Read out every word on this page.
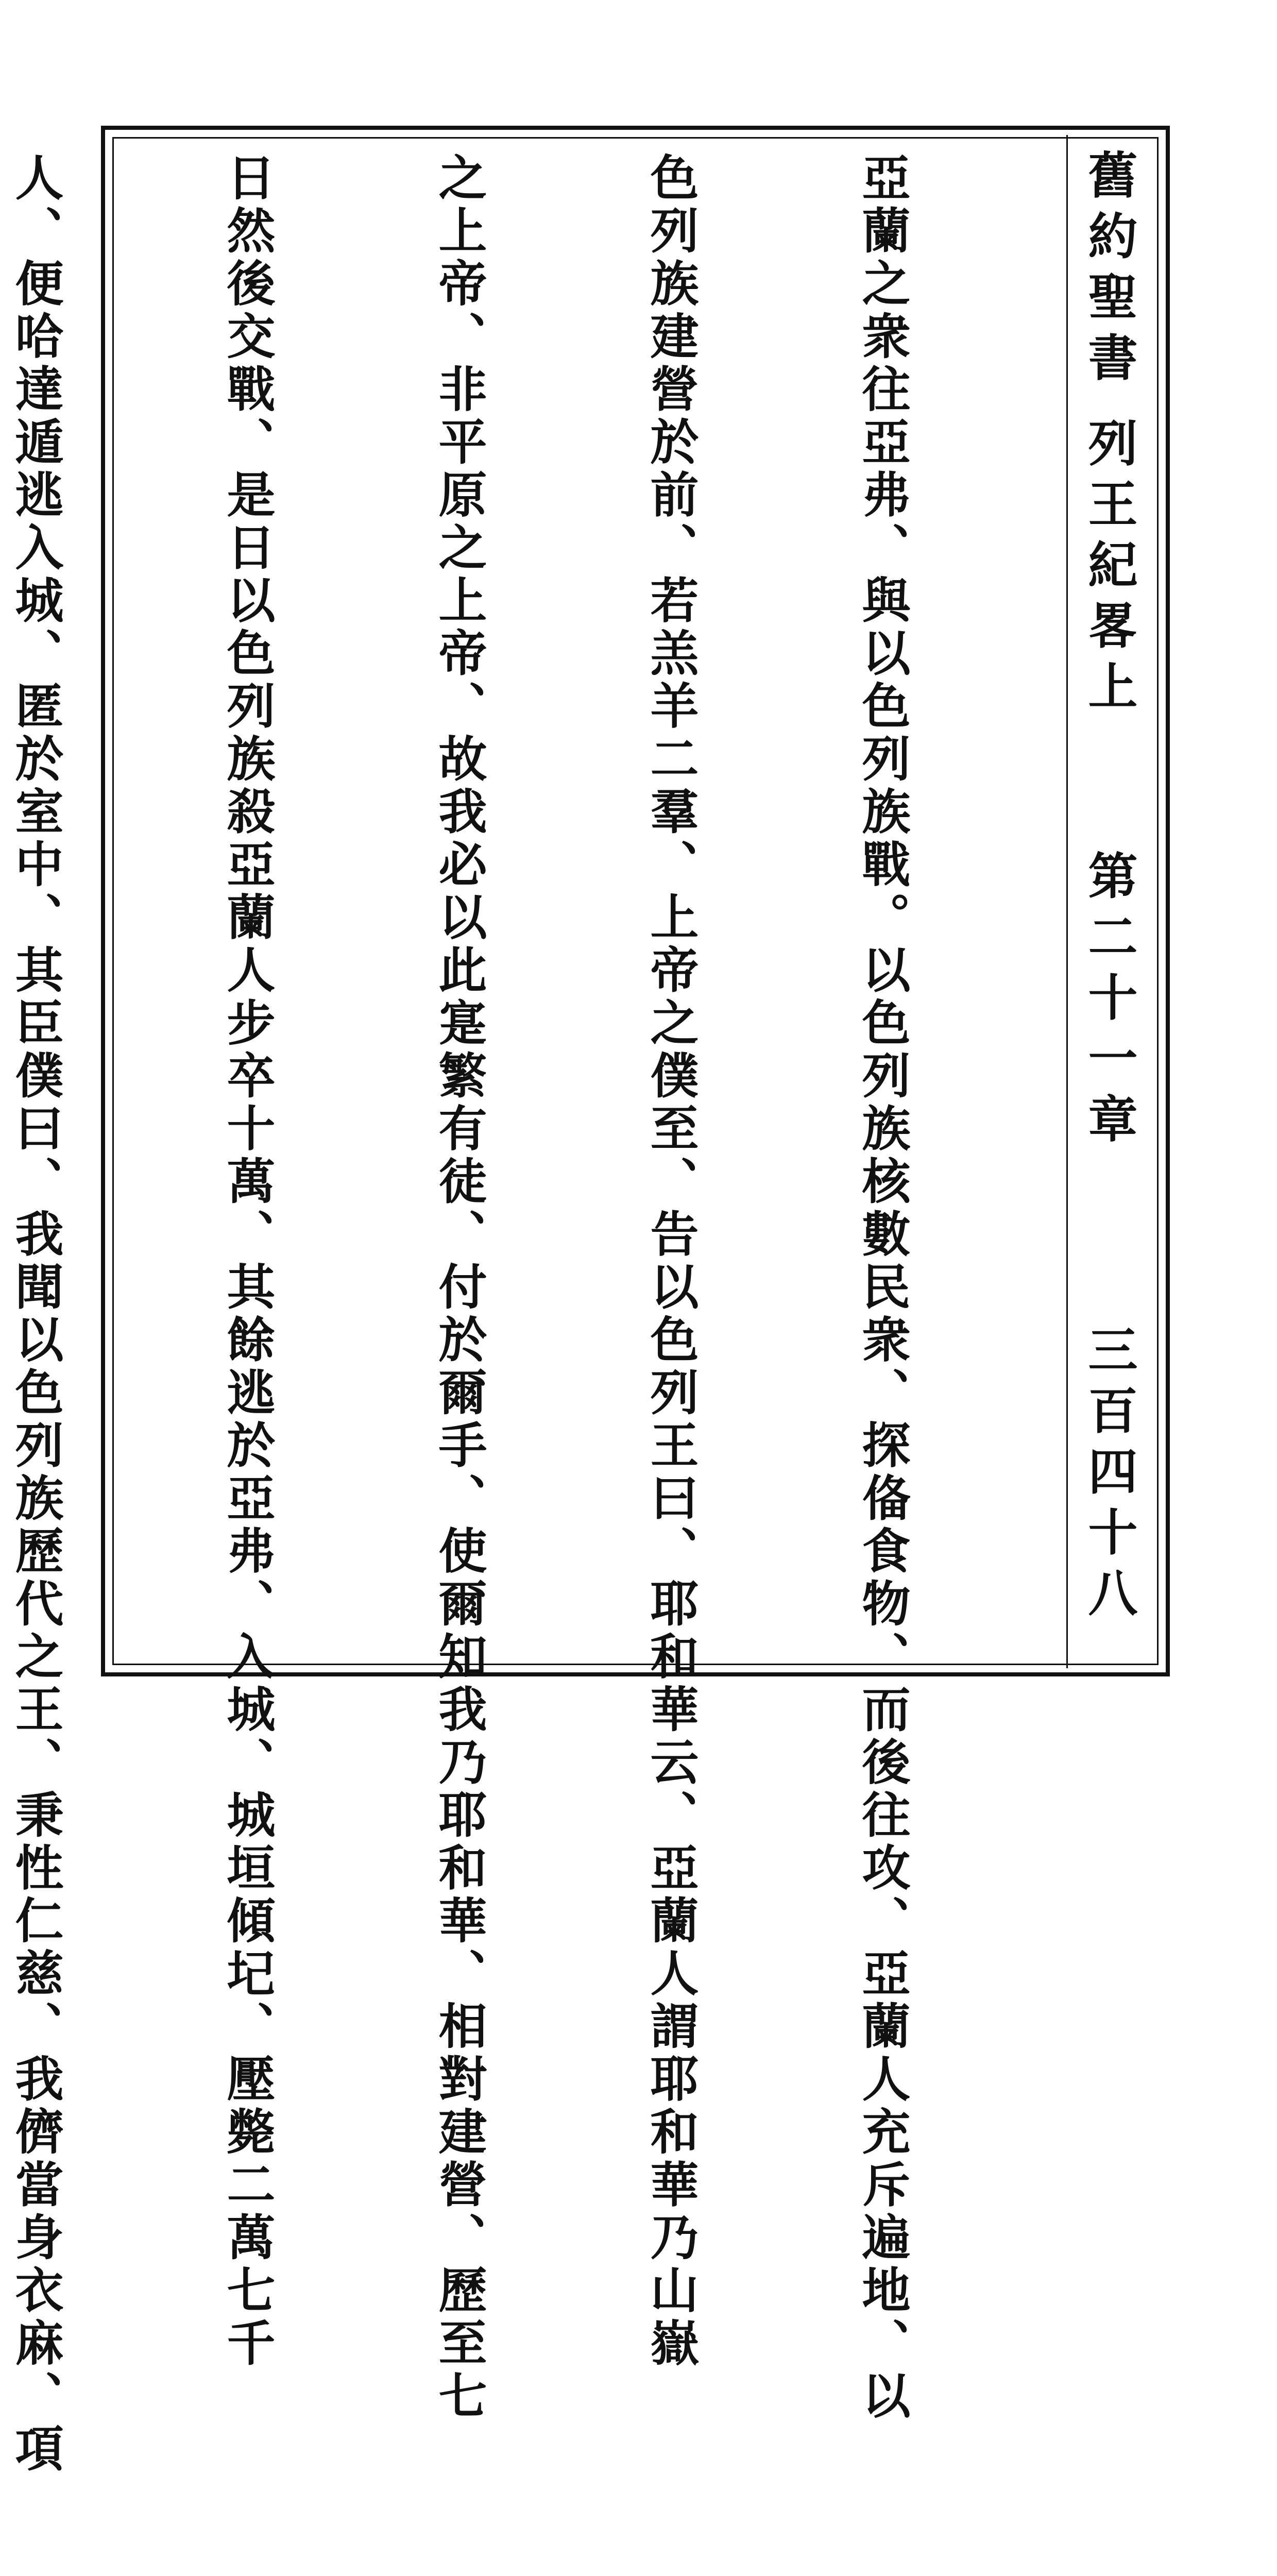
舊約聖書
列王紀畧上
第二十一章
三百四十八

亞蘭之衆往亞弗、與以色列族戰。以色列族核數民衆、探俻食物、而後往攻、亞蘭人充斥遍地、以

色列族建營於前、若羔羊二羣、上帝之僕至、告以色列王曰、耶和華云、亞蘭人謂耶和華乃山嶽

之上帝、非平原之上帝、故我必以此寔繁有徒、付於爾手、使爾知我乃耶和華、相對建營、歷至七

日然後交戰、是日以色列族殺亞蘭人步卒十萬、其餘逃於亞弗、入城、城垣傾圮、壓斃二萬七千

人、便哈達遁逃入城、匿於室中、其臣僕曰、我聞以色列族歷代之王、秉性仁慈、我儕當身衣麻、項
